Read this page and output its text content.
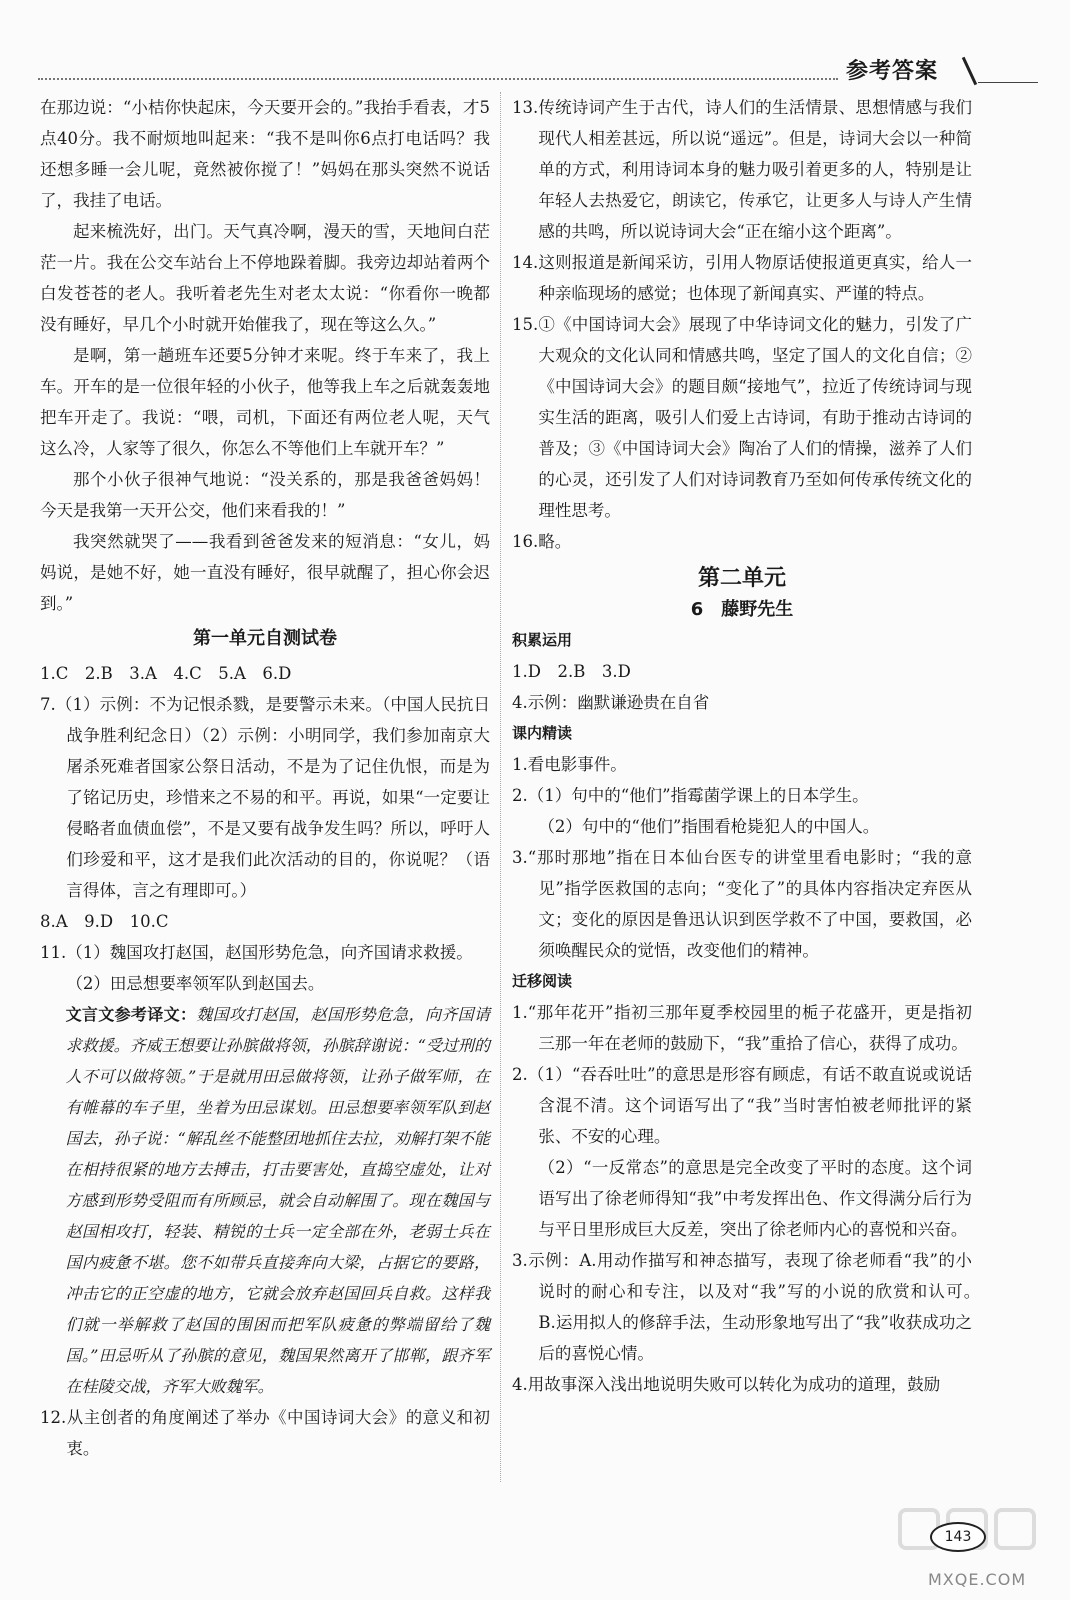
参考答案

在那边说：“小桔你快起床，今天要开会的。”我抬手看表，才5点40分。我不耐烦地叫起来：“我不是叫你6点打电话吗？我还想多睡一会儿呢，竟然被你搅了！”妈妈在那头突然不说话了，我挂了电话。

起来梳洗好，出门。天气真冷啊，漫天的雪，天地间白茫茫一片。我在公交车站台上不停地跺着脚。我旁边却站着两个白发苍苍的老人。我听着老先生对老太太说：“你看你一晚都没有睡好，早几个小时就开始催我了，现在等这么久。”

是啊，第一趟班车还要5分钟才来呢。终于车来了，我上车。开车的是一位很年轻的小伙子，他等我上车之后就轰轰地把车开走了。我说：“喂，司机，下面还有两位老人呢，天气这么冷，人家等了很久，你怎么不等他们上车就开车？”

那个小伙子很神气地说：“没关系的，那是我爸爸妈妈！今天是我第一天开公交，他们来看我的！”

我突然就哭了——我看到爸爸发来的短消息：“女儿，妈妈说，是她不好，她一直没有睡好，很早就醒了，担心你会迟到。”

第一单元自测试卷

1.C　2.B　3.A　4.C　5.A　6.D

7.（1）示例：不为记恨杀戮，是要警示未来。（中国人民抗日战争胜利纪念日）（2）示例：小明同学，我们参加南京大屠杀死难者国家公祭日活动，不是为了记住仇恨，而是为了铭记历史，珍惜来之不易的和平。再说，如果“一定要让侵略者血债血偿”，不是又要有战争发生吗？所以，呼吁人们珍爱和平，这才是我们此次活动的目的，你说呢？（语言得体，言之有理即可。）

8.A　9.D　10.C

11.（1）魏国攻打赵国，赵国形势危急，向齐国请求救援。

（2）田忌想要率领军队到赵国去。

文言文参考译文：魏国攻打赵国，赵国形势危急，向齐国请求救援。齐威王想要让孙膑做将领，孙膑辞谢说：“受过刑的人不可以做将领。”于是就用田忌做将领，让孙子做军师，在有帷幕的车子里，坐着为田忌谋划。田忌想要率领军队到赵国去，孙子说：“解乱丝不能整团地抓住去拉，劝解打架不能在相持很紧的地方去搏击，打击要害处，直捣空虚处，让对方感到形势受阻而有所顾忌，就会自动解围了。现在魏国与赵国相攻打，轻装、精锐的士兵一定全部在外，老弱士兵在国内疲惫不堪。您不如带兵直接奔向大梁，占据它的要路，冲击它的正空虚的地方，它就会放弃赵国回兵自救。这样我们就一举解救了赵国的围困而把军队疲惫的弊端留给了魏国。”田忌听从了孙膑的意见，魏国果然离开了邯郸，跟齐军在桂陵交战，齐军大败魏军。

12.从主创者的角度阐述了举办《中国诗词大会》的意义和初衷。

13.传统诗词产生于古代，诗人们的生活情景、思想情感与我们现代人相差甚远，所以说“遥远”。但是，诗词大会以一种简单的方式，利用诗词本身的魅力吸引着更多的人，特别是让年轻人去热爱它，朗读它，传承它，让更多人与诗人产生情感的共鸣，所以说诗词大会“正在缩小这个距离”。

14.这则报道是新闻采访，引用人物原话使报道更真实，给人一种亲临现场的感觉；也体现了新闻真实、严谨的特点。

15.①《中国诗词大会》展现了中华诗词文化的魅力，引发了广大观众的文化认同和情感共鸣，坚定了国人的文化自信；②《中国诗词大会》的题目颇“接地气”，拉近了传统诗词与现实生活的距离，吸引人们爱上古诗词，有助于推动古诗词的普及；③《中国诗词大会》陶冶了人们的情操，滋养了人们的心灵，还引发了人们对诗词教育乃至如何传承传统文化的理性思考。

16.略。

第二单元
6　藤野先生
积累运用

1.D　2.B　3.D

4.示例：幽默谦逊贵在自省

课内精读

1.看电影事件。

2.（1）句中的“他们”指霉菌学课上的日本学生。

（2）句中的“他们”指围看枪毙犯人的中国人。

3.“那时那地”指在日本仙台医专的讲堂里看电影时；“我的意见”指学医救国的志向；“变化了”的具体内容指决定弃医从文；变化的原因是鲁迅认识到医学救不了中国，要救国，必须唤醒民众的觉悟，改变他们的精神。

迁移阅读

1.“那年花开”指初三那年夏季校园里的栀子花盛开，更是指初三那一年在老师的鼓励下，“我”重拾了信心，获得了成功。

2.（1）“吞吞吐吐”的意思是形容有顾虑，有话不敢直说或说话含混不清。这个词语写出了“我”当时害怕被老师批评的紧张、不安的心理。

（2）“一反常态”的意思是完全改变了平时的态度。这个词语写出了徐老师得知“我”中考发挥出色、作文得满分后行为与平日里形成巨大反差，突出了徐老师内心的喜悦和兴奋。

3.示例：A.用动作描写和神态描写，表现了徐老师看“我”的小说时的耐心和专注，以及对“我”写的小说的欣赏和认可。　B.运用拟人的修辞手法，生动形象地写出了“我”收获成功之后的喜悦心情。

4.用故事深入浅出地说明失败可以转化为成功的道理，鼓励

143
MXQE.COM
